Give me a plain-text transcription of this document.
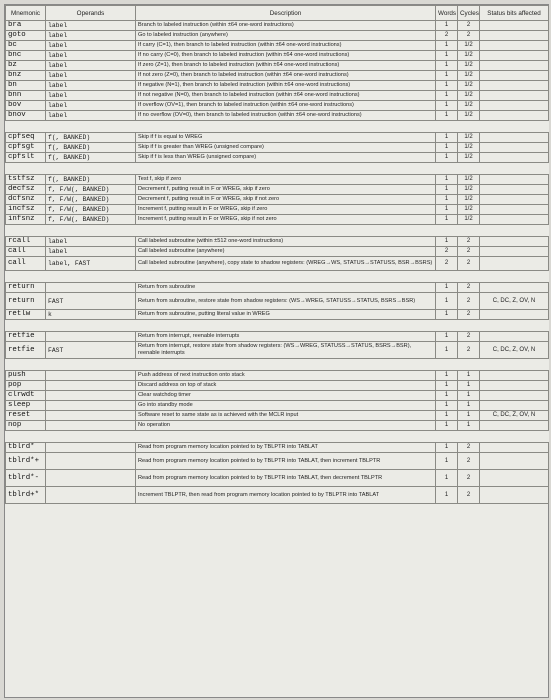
Mnemonic	Operands	Description	Words	Cycles	Status bits affected
bra	label	Branch to labeled instruction (within ±64 one-word instructions)	1	2	
goto	label	Go to labeled instruction (anywhere)	2	2	
bc	label	If carry (C=1), then branch to labeled instruction (within ±64 one-word instructions)	1	1/2	
bnc	label	If no carry (C=0), then branch to labeled instruction (within ±64 one-word instructions)	1	1/2	
bz	label	If zero (Z=1), then branch to labeled instruction (within ±64 one-word instructions)	1	1/2	
bnz	label	If not zero (Z=0), then branch to labeled instruction (within ±64 one-word instructions)	1	1/2	
bn	label	If negative (N=1), then branch to labeled instruction (within ±64 one-word instructions)	1	1/2	
bnn	label	If not negative (N=0), then branch to labeled instruction (within ±64 one-word instructions)	1	1/2	
bov	label	If overflow (OV=1), then branch to labeled instruction (within ±64 one-word instructions)	1	1/2	
bnov	label	If no overflow (OV=0), then branch to labeled instruction (within ±64 one-word instructions)	1	1/2	

cpfseq	f(, BANKED)	Skip if f is equal to WREG	1	1/2	
cpfsgt	f(, BANKED)	Skip if f is greater than WREG (unsigned compare)	1	1/2	
cpfslt	f(, BANKED)	Skip if f is less than WREG (unsigned compare)	1	1/2	

tstfsz	f(, BANKED)	Test f, skip if zero	1	1/2	
decfsz	f, F/W(, BANKED)	Decrement f, putting result in F or WREG, skip if zero	1	1/2	
dcfsnz	f, F/W(, BANKED)	Decrement f, putting result in F or WREG, skip if not zero	1	1/2	
incfsz	f, F/W(, BANKED)	Increment f, putting result in F or WREG, skip if zero	1	1/2	
infsnz	f, F/W(, BANKED)	Increment f, putting result in F or WREG, skip if not zero	1	1/2	

rcall	label	Call labeled subroutine (within ±512 one-word instructions)	1	2	
call	label	Call labeled subroutine (anywhere)	2	2	
call	label, FAST	Call labeled subroutine (anywhere), copy state to shadow registers: (WREG→WS, STATUS→STATUSS, BSR→BSRS)	2	2	

return		Return from subroutine	1	2	
return	FAST	Return from subroutine, restore state from shadow registers: (WS→WREG, STATUSS→STATUS, BSRS→BSR)	1	2	C, DC, Z, OV, N
retlw	k	Return from subroutine, putting literal value in WREG	1	2	

retfie		Return from interrupt, reenable interrupts	1	2	
retfie	FAST	Return from interrupt, restore state from shadow registers: (WS→WREG, STATUSS→STATUS, BSRS→BSR), reenable interrupts	1	2	C, DC, Z, OV, N

push		Push address of next instruction onto stack	1	1	
pop		Discard address on top of stack	1	1	
clrwdt		Clear watchdog timer	1	1	
sleep		Go into standby mode	1	1	
reset		Software reset to same state as is achieved with the MCLR input	1	1	C, DC, Z, OV, N
nop		No operation	1	1	

tblrd*		Read from program memory location pointed to by TBLPTR into TABLAT	1	2	
tblrd*+		Read from program memory location pointed to by TBLPTR into TABLAT, then increment TBLPTR	1	2	
tblrd*-		Read from program memory location pointed to by TBLPTR into TABLAT, then decrement TBLPTR	1	2	
tblrd+*		Increment TBLPTR, then read from program memory location pointed to by TBLPTR into TABLAT	1	2	
